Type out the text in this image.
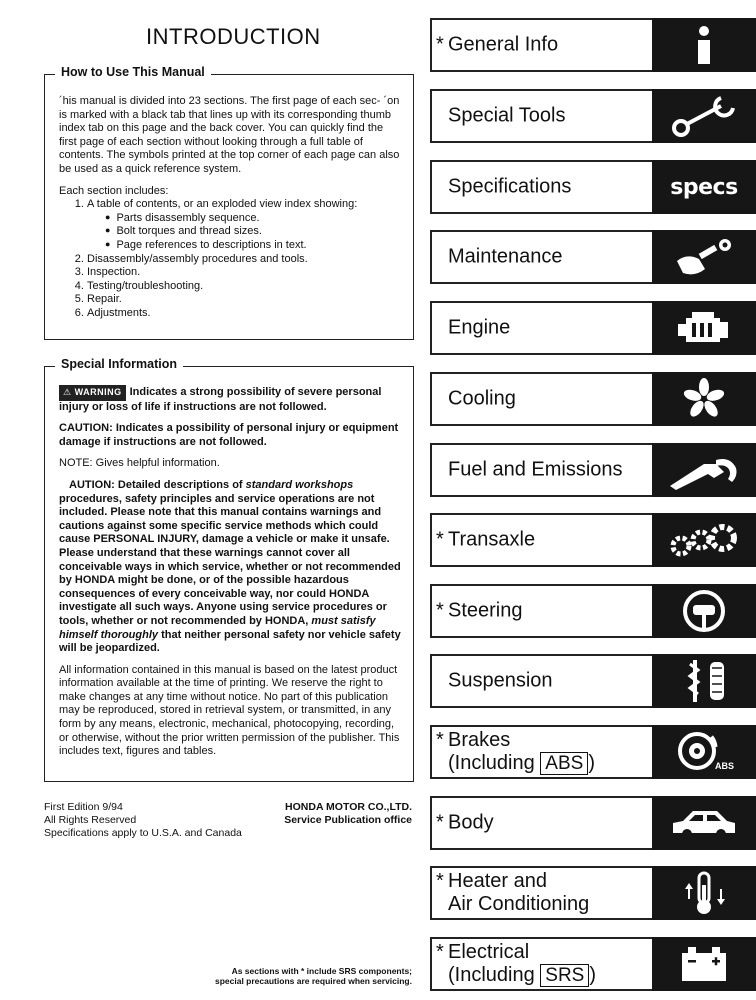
INTRODUCTION
How to Use This Manual

´his manual is divided into 23 sections. The first page of each sec- ´on is marked with a black tab that lines up with its corresponding thumb index tab on this page and the back cover. You can quickly find the first page of each section without looking through a full table of contents. The symbols printed at the top corner of each page can also be used as a quick reference system.

Each section includes:
1. A table of contents, or an exploded view index showing:
● Parts disassembly sequence.
● Bolt torques and thread sizes.
● Page references to descriptions in text.
2. Disassembly/assembly procedures and tools.
3. Inspection.
4. Testing/troubleshooting.
5. Repair.
6. Adjustments.
Special Information

⚠ WARNING Indicates a strong possibility of severe personal injury or loss of life if instructions are not followed.

CAUTION: Indicates a possibility of personal injury or equipment damage if instructions are not followed.

NOTE: Gives helpful information.

AUTION: Detailed descriptions of standard workshops procedures, safety principles and service operations are not included. Please note that this manual contains warnings and cautions against some specific service methods which could cause PERSONAL INJURY, damage a vehicle or make it unsafe. Please understand that these warnings cannot cover all conceivable ways in which service, whether or not recommended by HONDA might be done, or of the possible hazardous consequences of every conceivable way, nor could HONDA investigate all such ways. Anyone using service procedures or tools, whether or not recommended by HONDA, must satisfy himself thoroughly that neither personal safety nor vehicle safety will be jeopardized.

All information contained in this manual is based on the latest product information available at the time of printing. We reserve the right to make changes at any time without notice. No part of this publication may be reproduced, stored in retrieval system, or transmitted, in any form by any means, electronic, mechanical, photocopying, recording, or otherwise, without the prior written permission of the publisher. This includes text, figures and tables.

First Edition 9/94
All Rights Reserved
Specifications apply to U.S.A. and Canada
HONDA MOTOR CO.,LTD.
Service Publication office
As sections with * include SRS components;
special precautions are required when servicing.
* General Info
Special Tools
Specifications	specs
Maintenance
Engine
Cooling
Fuel and Emissions
* Transaxle
* Steering
Suspension
* Brakes
(Including ABS )	ABS
* Body
* Heater and
Air Conditioning
* Electrical
(Including SRS )
